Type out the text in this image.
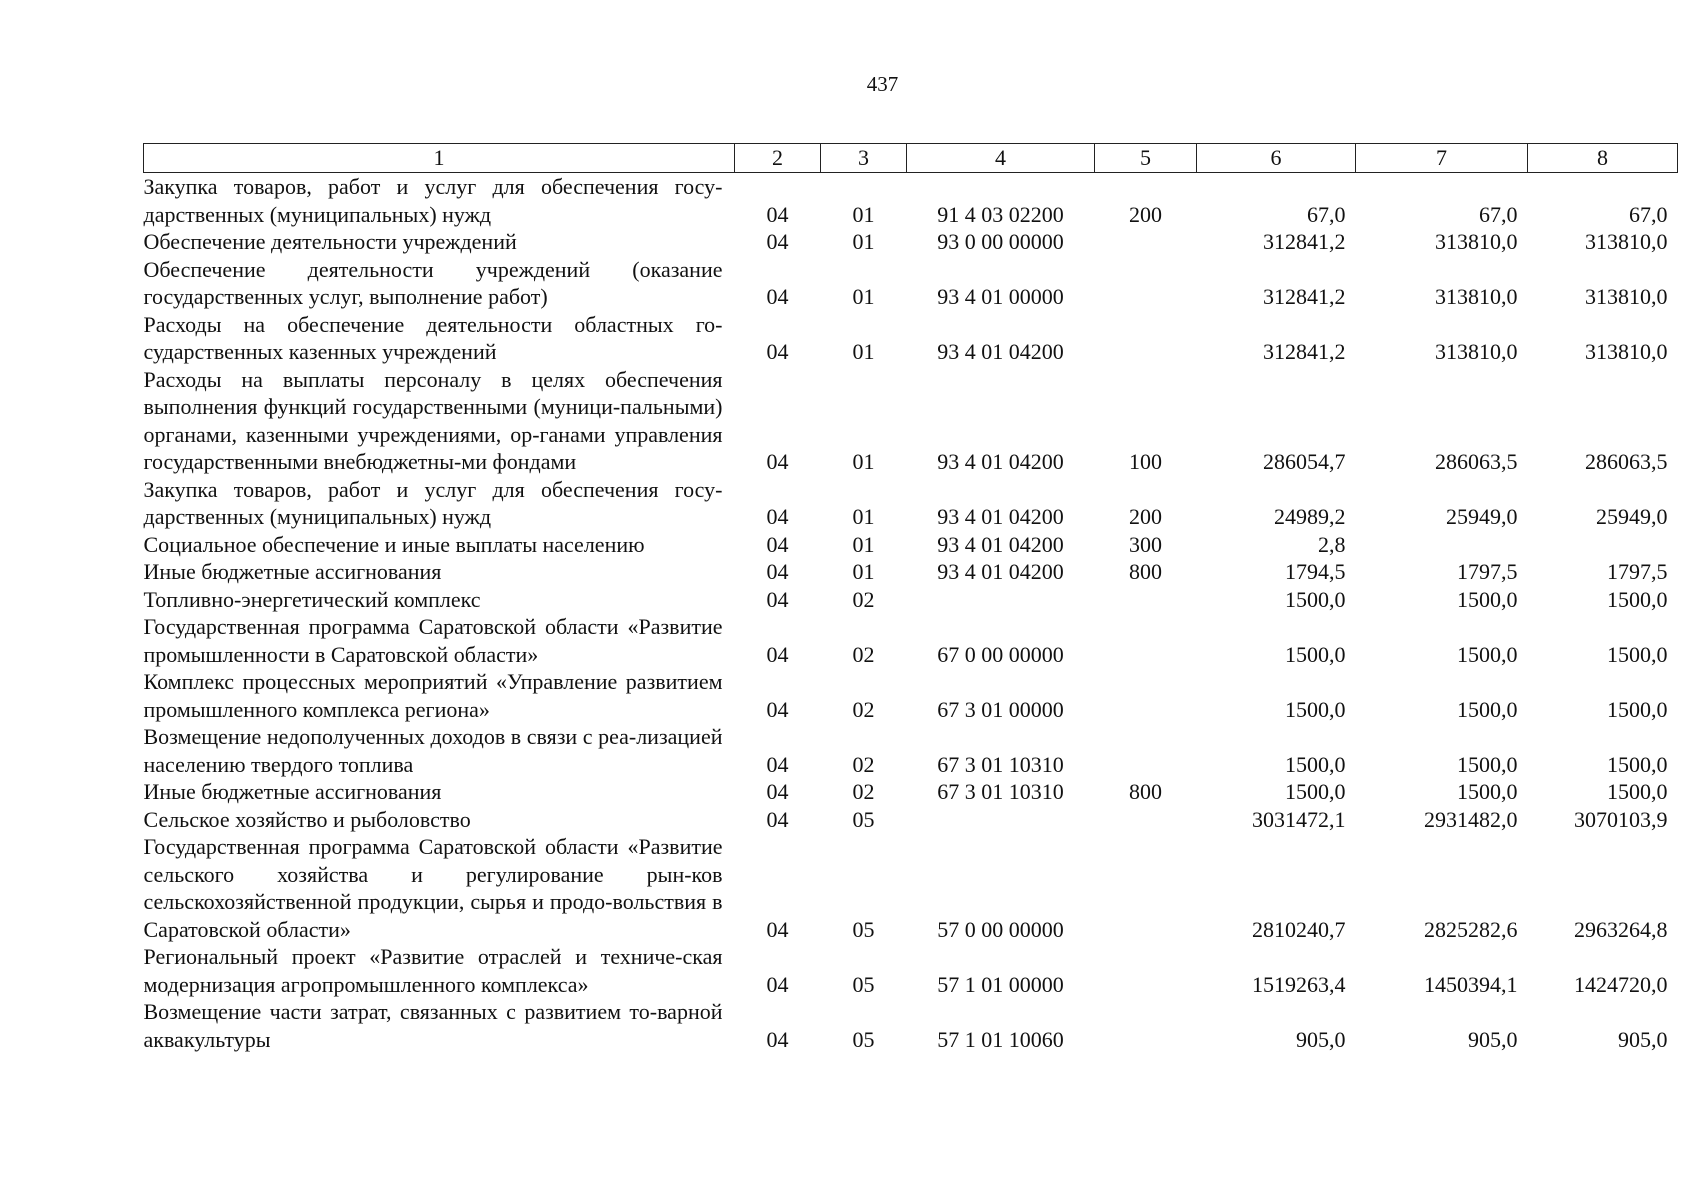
437
1	2	3	4	5	6	7	8
Закупка товаров, работ и услуг для обеспечения госу-дарственных (муниципальных) нужд	04	01	91 4 03 02200	200	67,0	67,0	67,0
Обеспечение деятельности учреждений	04	01	93 0 00 00000		312841,2	313810,0	313810,0
Обеспечение деятельности учреждений (оказание государственных услуг, выполнение работ)	04	01	93 4 01 00000		312841,2	313810,0	313810,0
Расходы на обеспечение деятельности областных го-сударственных казенных учреждений	04	01	93 4 01 04200		312841,2	313810,0	313810,0
Расходы на выплаты персоналу в целях обеспечения выполнения функций государственными (муници-пальными) органами, казенными учреждениями, ор-ганами управления государственными внебюджетны-ми фондами	04	01	93 4 01 04200	100	286054,7	286063,5	286063,5
Закупка товаров, работ и услуг для обеспечения госу-дарственных (муниципальных) нужд	04	01	93 4 01 04200	200	24989,2	25949,0	25949,0
Социальное обеспечение и иные выплаты населению	04	01	93 4 01 04200	300	2,8		
Иные бюджетные ассигнования	04	01	93 4 01 04200	800	1794,5	1797,5	1797,5
Топливно-энергетический комплекс	04	02			1500,0	1500,0	1500,0
Государственная программа Саратовской области «Развитие промышленности в Саратовской области»	04	02	67 0 00 00000		1500,0	1500,0	1500,0
Комплекс процессных мероприятий «Управление развитием промышленного комплекса региона»	04	02	67 3 01 00000		1500,0	1500,0	1500,0
Возмещение недополученных доходов в связи с реа-лизацией населению твердого топлива	04	02	67 3 01 10310		1500,0	1500,0	1500,0
Иные бюджетные ассигнования	04	02	67 3 01 10310	800	1500,0	1500,0	1500,0
Сельское хозяйство и рыболовство	04	05			3031472,1	2931482,0	3070103,9
Государственная программа Саратовской области «Развитие сельского хозяйства и регулирование рын-ков сельскохозяйственной продукции, сырья и продо-вольствия в Саратовской области»	04	05	57 0 00 00000		2810240,7	2825282,6	2963264,8
Региональный проект «Развитие отраслей и техниче-ская модернизация агропромышленного комплекса»	04	05	57 1 01 00000		1519263,4	1450394,1	1424720,0
Возмещение части затрат, связанных с развитием то-варной аквакультуры	04	05	57 1 01 10060		905,0	905,0	905,0
